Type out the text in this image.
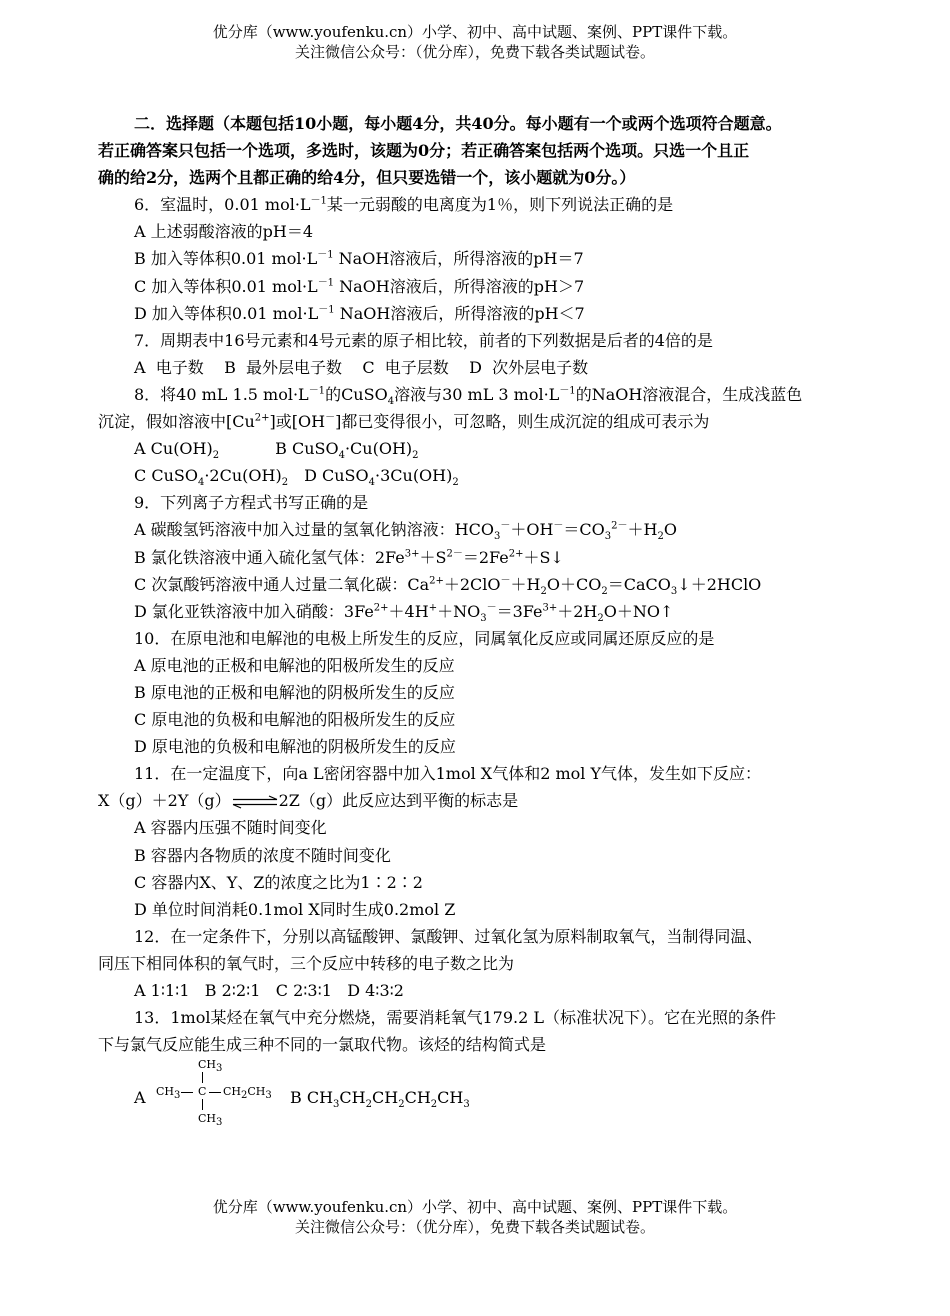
优分库（www.youfenku.cn）小学、初中、高中试题、案例、PPT课件下载。
关注微信公众号：（优分库），免费下载各类试题试卷。
二．选择题（本题包括10小题，每小题4分，共40分。每小题有一个或两个选项符合题意。
若正确答案只包括一个选项，多选时，该题为0分；若正确答案包括两个选项。只选一个且正
确的给2分，选两个且都正确的给4分，但只要选错一个，该小题就为0分。）
6．室温时，0.01 $mol\cdot L^{-1}$某一元弱酸的电离度为1％，则下列说法正确的是
A 上述弱酸溶液的pH＝4
B 加入等体积0.01 $mol\cdot L^{-1}$ NaOH溶液后，所得溶液的pH＝7
C 加入等体积0.01 $mol\cdot L^{-1}$ NaOH溶液后，所得溶液的pH＞7
D 加入等体积0.01 $mol\cdot L^{-1}$ NaOH溶液后，所得溶液的pH＜7
7．周期表中16号元素和4号元素的原子相比较，前者的下列数据是后者的4倍的是
A  电子数    B  最外层电子数    C  电子层数    D  次外层电子数
8．将40 mL 1.5 $mol\cdot L^{-1}$的CuSO$_4$溶液与30 mL 3 $mol\cdot L^{-1}$的NaOH溶液混合，生成浅蓝色
沉淀，假如溶液中$[Cu^{2+}]$或[OH－]都已变得很小，可忽略，则生成沉淀的组成可表示为
A $Cu(OH)_2$	B $CuSO_4\cdot Cu(OH)_2$
C $CuSO_4\cdot 2Cu(OH)_2$ D $CuSO_4\cdot 3Cu(OH)_2$
9．下列离子方程式书写正确的是
A 碳酸氢钙溶液中加入过量的氢氧化钠溶液：$HCO_3^-+OH^-=CO_3^{2-}+H_2O$
B 氯化铁溶液中通入硫化氢气体：$2Fe^{3+}+S^{2-}=2Fe^{2+}+S↓$
C 次氯酸钙溶液中通人过量二氧化碳：$Ca^{2+}+2ClO^-+H_2O+CO_2=CaCO_3↓+2HClO$
D 氯化亚铁溶液中加入硝酸：$3Fe^{2+}+4H^++NO_3^-=3Fe^{3+}+2H_2O+NO↑$
10．在原电池和电解池的电极上所发生的反应，同属氧化反应或同属还原反应的是
A 原电池的正极和电解池的阳极所发生的反应
B 原电池的正极和电解池的阴极所发生的反应
C 原电池的负极和电解池的阳极所发生的反应
D 原电池的负极和电解池的阴极所发生的反应
11．在一定温度下，向a L密闭容器中加入1mol X气体和2 mol Y气体，发生如下反应：
X（g）＋2Y（g）⇌2Z（g）此反应达到平衡的标志是
A 容器内压强不随时间变化
B 容器内各物质的浓度不随时间变化
C 容器内X、Y、Z的浓度之比为1∶2∶2
D 单位时间消耗0.1mol X同时生成0.2mol Z
12．在一定条件下，分别以高锰酸钾、氯酸钾、过氧化氢为原料制取氧气，当制得同温、
同压下相同体积的氧气时，三个反应中转移的电子数之比为
A 1∶1∶1   B 2∶2∶1   C 2∶3∶1   D 4∶3∶2
13．1mol某烃在氧气中充分燃烧，需要消耗氧气179.2 L（标准状况下）。它在光照的条件
下与氯气反应能生成三种不同的一氯取代物。该烃的结构简式是
A
$CH_3$
$CH_3$ C $CH_2CH_3$
$CH_3$
B $CH_3CH_2CH_2CH_2CH_3$
优分库（www.youfenku.cn）小学、初中、高中试题、案例、PPT课件下载。
关注微信公众号：（优分库），免费下载各类试题试卷。
